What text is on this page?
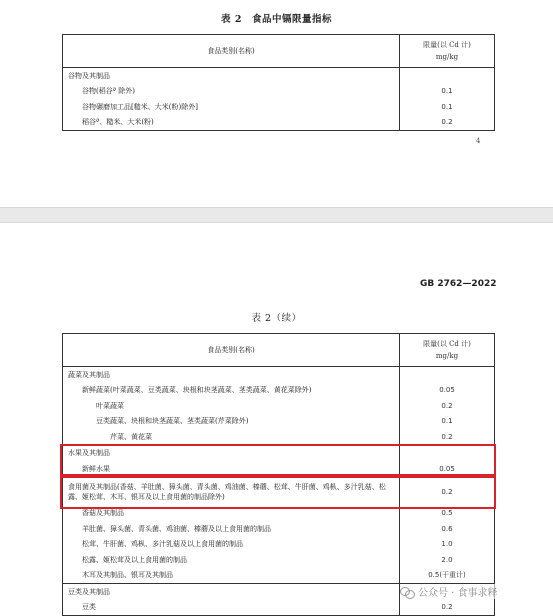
表 2　食品中镉限量指标
食品类别(名称)	限量(以 Cd 计)
mg/kg

谷物及其制品	
谷物(稻谷ª 除外)	0.1
谷物碾磨加工品[糙米、大米(粉)除外]	0.1
稻谷ª、糙米、大米(粉)	0.2
4
GB 2762—2022
表 2（续）
食品类别(名称)	限量(以 Cd 计)
mg/kg

蔬菜及其制品	
新鲜蔬菜(叶菜蔬菜、豆类蔬菜、块根和块茎蔬菜、茎类蔬菜、黄花菜除外)	0.05
叶菜蔬菜	0.2
豆类蔬菜、块根和块茎蔬菜、茎类蔬菜(芹菜除外)	0.1
芹菜、黄花菜	0.2
水果及其制品	
新鲜水果	0.05
食用菌及其制品(香菇、羊肚菌、獐头菌、青头菌、鸡油菌、榛蘑、松茸、牛肝菌、鸡枞、多汁乳菇、松露、姬松茸、木耳、银耳及以上食用菌的制品除外)	0.2
香菇及其制品	0.5
羊肚菌、獐头菌、青头菌、鸡油菌、榛蘑及以上食用菌的制品	0.6
松茸、牛肝菌、鸡枞、多汁乳菇及以上食用菌的制品	1.0
松露、姬松茸及以上食用菌的制品	2.0
木耳及其制品、银耳及其制品	0.5(干重计)
豆类及其制品	
豆类	0.2
公众号 · 食事求释
